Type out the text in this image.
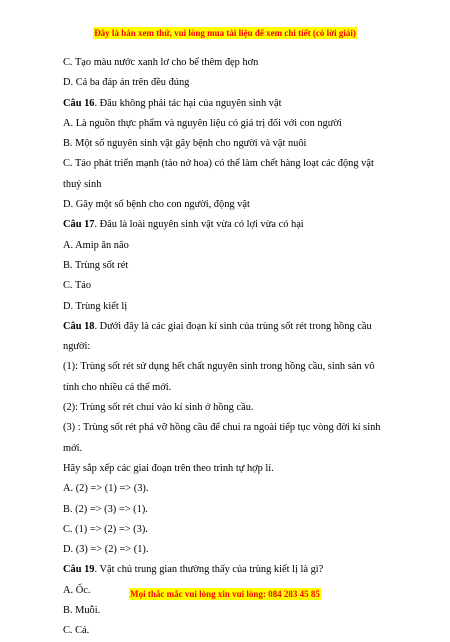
Đây là bản xem thử, vui lòng mua tài liệu để xem chi tiết (có lời giải)

C. Tạo màu nước xanh lơ cho bể thêm đẹp hơn

D. Cả ba đáp án trên đều đúng

Câu 16. Đâu không phải tác hại của nguyên sinh vật

A. Là nguồn thực phẩm và nguyên liệu có giá trị đối với con người

B. Một số nguyên sinh vật gây bệnh cho người và vật nuôi

C. Tảo phát triển mạnh (tảo nở hoa) có thể làm chết hàng loạt các động vật

thuỷ sinh

D. Gây một số bệnh cho con người, động vật

Câu 17. Đâu là loài nguyên sinh vật vừa có lợi vừa có hại

A. Amip ăn não

B. Trùng sốt rét

C. Tảo

D. Trùng kiết lị

Câu 18. Dưới đây là các giai đoạn kí sinh của trùng sốt rét trong hồng cầu

người:

(1): Trùng sốt rét sử dụng hết chất nguyên sinh trong hồng cầu, sinh sản vô

tính cho nhiều cá thể mới.

(2): Trùng sốt rét chui vào kí sinh ở hồng cầu.

(3) : Trùng sốt rét phá vỡ hồng cầu để chui ra ngoài tiếp tục vòng đời kí sinh

mới.

Hãy sắp xếp các giai đoạn trên theo trình tự hợp lí.

A. (2) => (1) => (3).

B. (2) => (3) => (1).

C. (1) => (2) => (3).

D. (3) => (2) => (1).

Câu 19. Vật chủ trung gian thường thấy của trùng kiết lị là gì?

A. Ốc.

B. Muỗi.

C. Cá.

Mọi thắc mắc vui lòng xin vui lòng: 084 283 45 85
